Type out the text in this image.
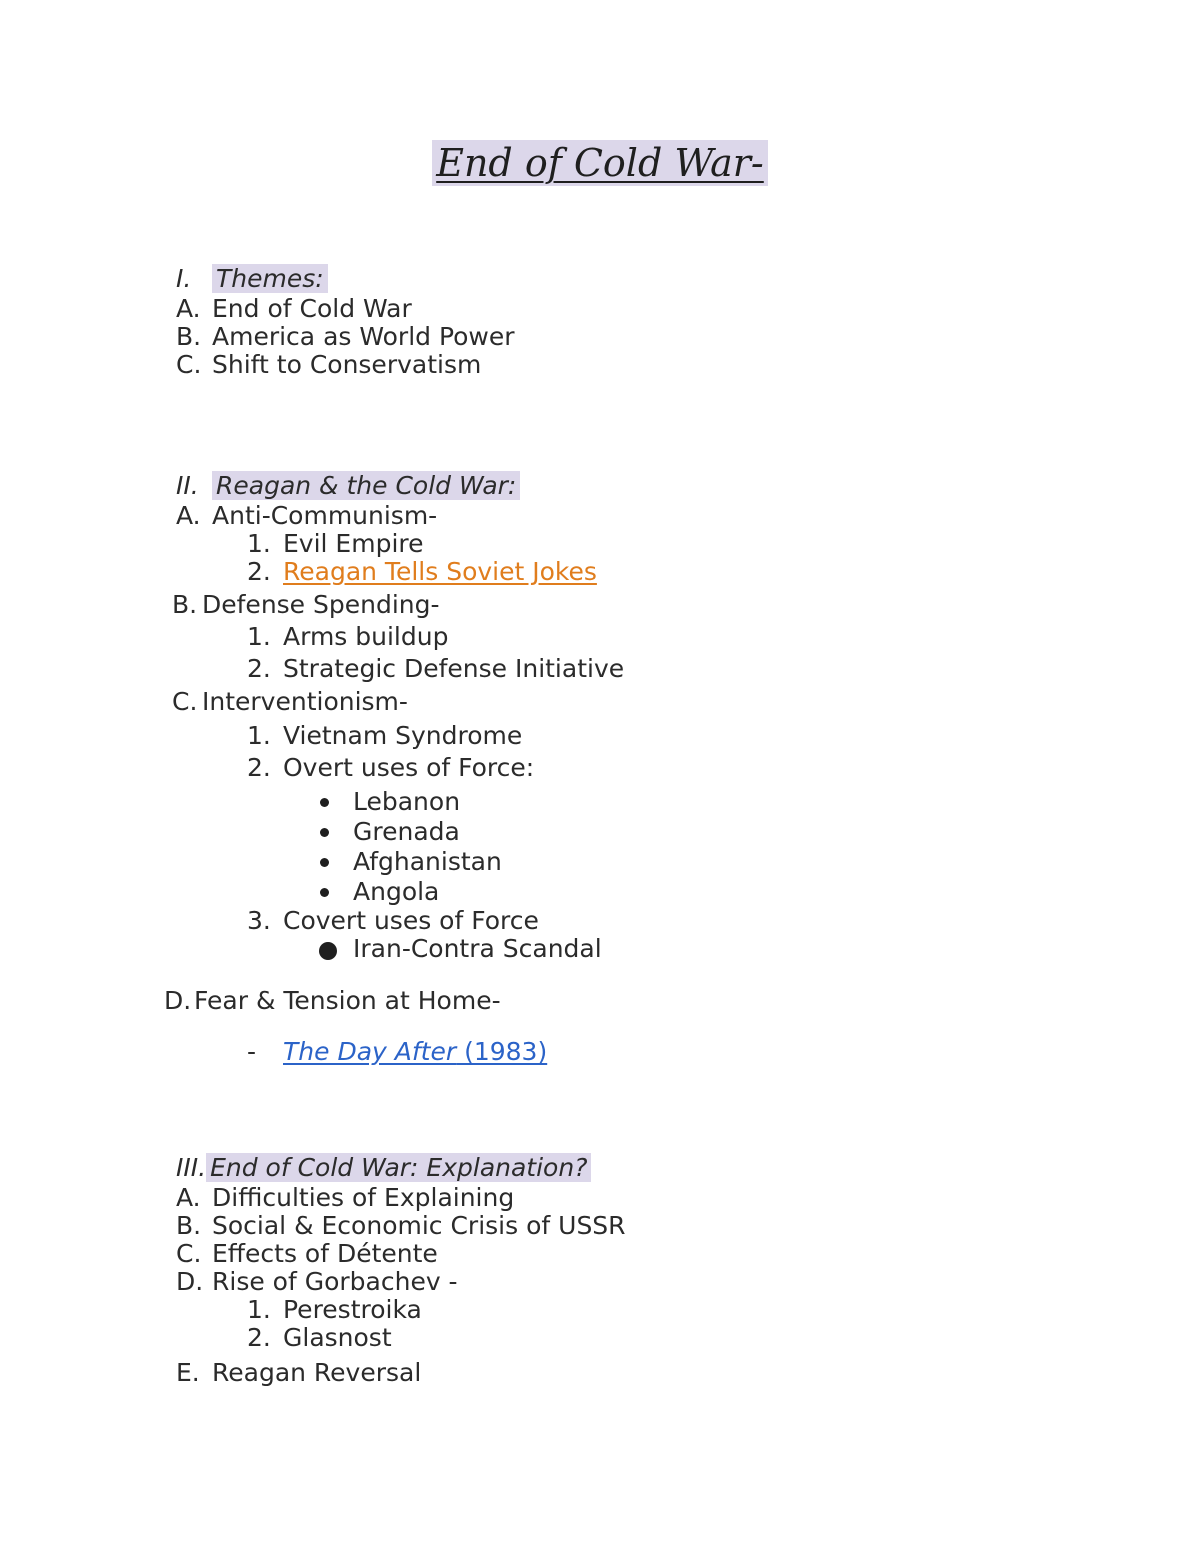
End of Cold War-
I. Themes:
A. End of Cold War
B. America as World Power
C. Shift to Conservatism
II. Reagan & the Cold War:
A. Anti-Communism-
1. Evil Empire
2. Reagan Tells Soviet Jokes
B. Defense Spending-
1. Arms buildup
2. Strategic Defense Initiative
C. Interventionism-
1. Vietnam Syndrome
2. Overt uses of Force:
Lebanon
Grenada
Afghanistan
Angola
3. Covert uses of Force
Iran-Contra Scandal
D. Fear & Tension at Home-
- The Day After (1983)
III. End of Cold War: Explanation?
A. Difficulties of Explaining
B. Social & Economic Crisis of USSR
C. Effects of Détente
D. Rise of Gorbachev -
1. Perestroika
2. Glasnost
E. Reagan Reversal
